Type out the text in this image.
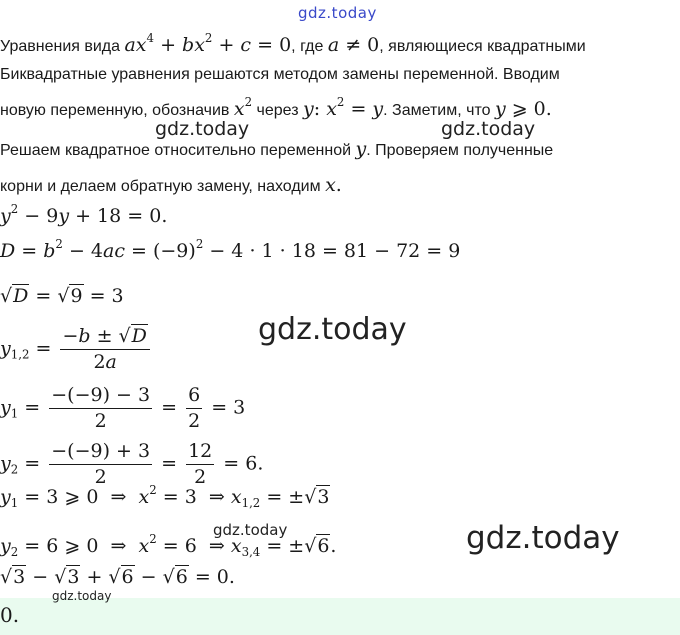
gdz.today
Уравнения вида $ax^4 + bx^2 + c = 0$, где a ≠ 0, являющиеся квадратными
Биквадратные уравнения решаются методом замены переменной. Вводим
новую переменную, обозначив $x^2$ через y: $x^2 = y$. Заметим, что y ⩾ 0.
Решаем квадратное относительно переменной y. Проверяем полученные
корни и делаем обратную замену, находим x.
$y^2 - 9y + 18 = 0$.
$D = b^2 - 4ac = (-9)^2 - 4 \cdot 1 \cdot 18 = 81 - 72 = 9$
√D = √9 = 3
$y_{1,2} = \frac{-b \pm √D}{2a}$
$y_1 = \frac{-(-9) - 3}{2} = \frac{6}{2} = 3$
$y_2 = \frac{-(-9) + 3}{2} = \frac{12}{2} = 6$.
$y_1 = 3$ ⩾ 0  ⇒  $x^2 = 3$  ⇒ $x_{1,2} = \pm√3$
$y_2 = 6$ ⩾ 0  ⇒  $x^2 = 6$  ⇒ $x_{3,4} = \pm√6$.
√3 − √3 + √6 − √6 = 0.
0.
gdz.today	gdz.today
gdz.today
gdz.today	gdz.today
gdz.today
